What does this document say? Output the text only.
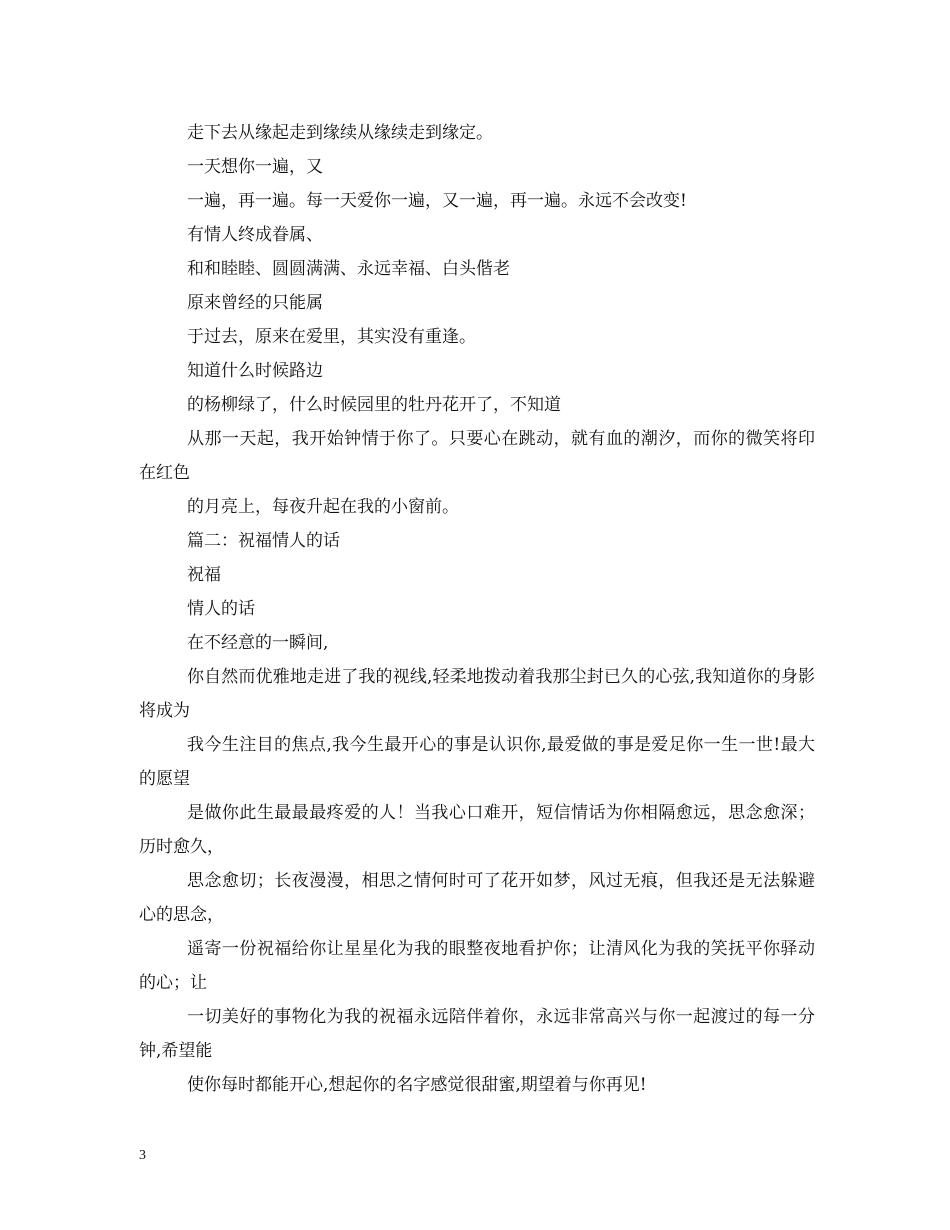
走下去从缘起走到缘续从缘续走到缘定。

一天想你一遍，又

一遍，再一遍。每一天爱你一遍，又一遍，再一遍。永远不会改变!

有情人终成眷属、

和和睦睦、圆圆满满、永远幸福、白头偕老

原来曾经的只能属

于过去，原来在爱里，其实没有重逢。

知道什么时候路边

的杨柳绿了，什么时候园里的牡丹花开了，不知道

从那一天起，我开始钟情于你了。只要心在跳动，就有血的潮汐，而你的微笑将印在红色

的月亮上，每夜升起在我的小窗前。

篇二：祝福情人的话

祝福

情人的话

在不经意的一瞬间,

你自然而优雅地走进了我的视线,轻柔地拨动着我那尘封已久的心弦,我知道你的身影将成为

我今生注目的焦点,我今生最开心的事是认识你,最爱做的事是爱足你一生一世!最大的愿望

是做你此生最最最疼爱的人！当我心口难开，短信情话为你相隔愈远，思念愈深；历时愈久，

思念愈切；长夜漫漫，相思之情何时可了花开如梦，风过无痕，但我还是无法躲避心的思念，

遥寄一份祝福给你让星星化为我的眼整夜地看护你；让清风化为我的笑抚平你驿动的心；让

一切美好的事物化为我的祝福永远陪伴着你，永远非常高兴与你一起渡过的每一分钟,希望能

使你每时都能开心,想起你的名字感觉很甜蜜,期望着与你再见!

3
